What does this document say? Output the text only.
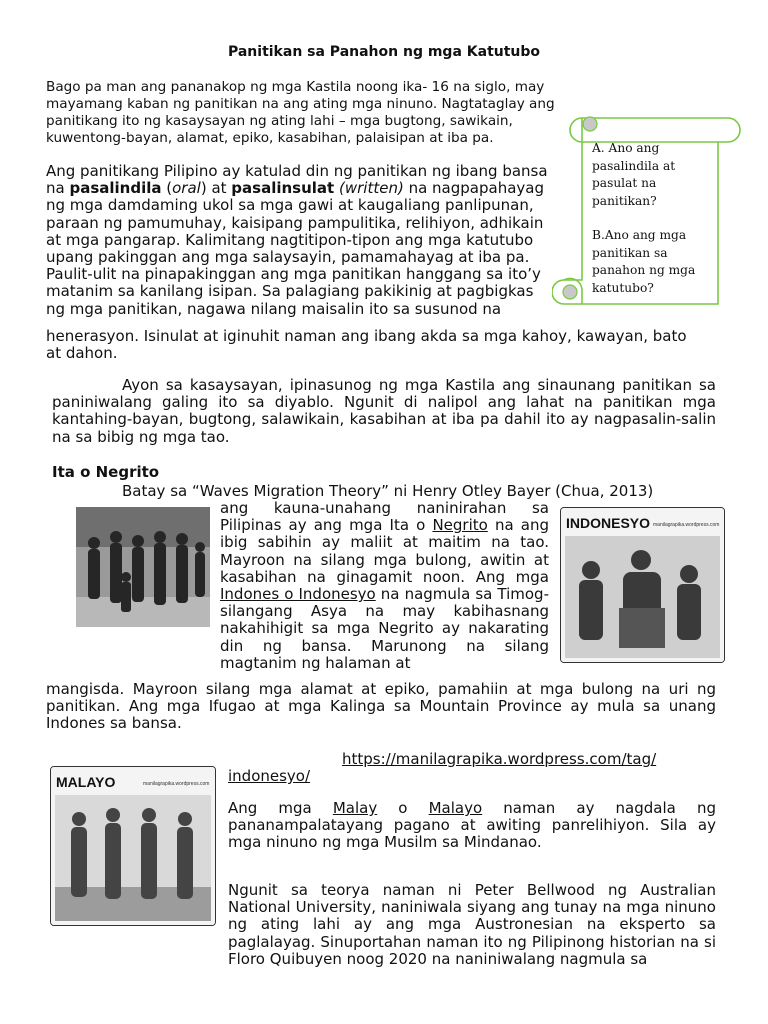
Panitikan sa Panahon ng mga Katutubo
Bago pa man ang pananakop ng mga Kastila noong ika- 16 na siglo, may mayamang kaban ng panitikan na ang ating mga ninuno. Nagtataglay ang panitikang ito ng kasaysayan ng ating lahi – mga bugtong, sawikain, kuwentong-bayan, alamat, epiko, kasabihan, palaisipan at iba pa.
Ang panitikang Pilipino ay katulad din ng panitikan ng ibang bansa na pasalindila (oral) at pasalinsulat (written) na nagpapahayag ng mga damdaming ukol sa mga gawi at kaugaliang panlipunan, paraan ng pamumuhay, kaisipang pampulitika, relihiyon, adhikain at mga pangarap. Kalimitang nagtitipon-tipon ang mga katutubo upang pakinggan ang mga salaysayin, pamamahayag at iba pa. Paulit-ulit na pinapakinggan ang mga panitikan hanggang sa ito’y matanim sa kanilang isipan. Sa palagiang pakikinig at pagbigkas ng mga panitikan, nagawa nilang maisalin ito sa susunod na
henerasyon. Isinulat at iginuhit naman ang ibang akda sa mga kahoy, kawayan, bato at dahon.
Ayon sa kasaysayan, ipinasunog ng mga Kastila ang sinaunang panitikan sa paniniwalang galing ito sa diyablo. Ngunit di nalipol ang lahat na panitikan mga kantahing-bayan, bugtong, salawikain, kasabihan at iba pa dahil ito ay nagpasalin-salin na sa bibig ng mga tao.

A. Ano ang pasalindila at pasulat na panitikan?

B.Ano ang mga panitikan sa panahon ng mga katutubo?

Ita o Negrito
Batay sa “Waves Migration Theory” ni Henry Otley Bayer (Chua, 2013)
ang kauna-unahang naninirahan sa Pilipinas ay ang mga Ita o Negrito na ang ibig sabihin ay maliit at maitim na tao. Mayroon na silang mga bulong, awitin at kasabihan na ginagamit noon. Ang mga Indones o Indonesyo na nagmula sa Timog-silangang Asya na may kabihasnang nakahihigit sa mga Negrito ay nakarating din ng bansa. Marunong na silang magtanim ng halaman at
INDONESYO manilagrapika.wordpress.com
mangisda. Mayroon silang mga alamat at epiko, pamahiin at mga bulong na uri ng panitikan. Ang mga Ifugao at mga Kalinga sa Mountain Province ay mula sa unang Indones sa bansa.
https://manilagrapika.wordpress.com/tag/
indonesyo/
MALAYO	manilagrapika.wordpress.com
Ang mga Malay o Malayo naman ay nagdala ng pananampalatayang pagano at awiting panrelihiyon. Sila ay mga ninuno ng mga Musilm sa Mindanao.
Ngunit sa teorya naman ni Peter Bellwood ng Australian National University, naniniwala siyang ang tunay na mga ninuno ng ating lahi ay ang mga Austronesian na eksperto sa paglalayag. Sinuportahan naman ito ng Pilipinong historian na si Floro Quibuyen noog 2020 na naniniwalang nagmula sa
